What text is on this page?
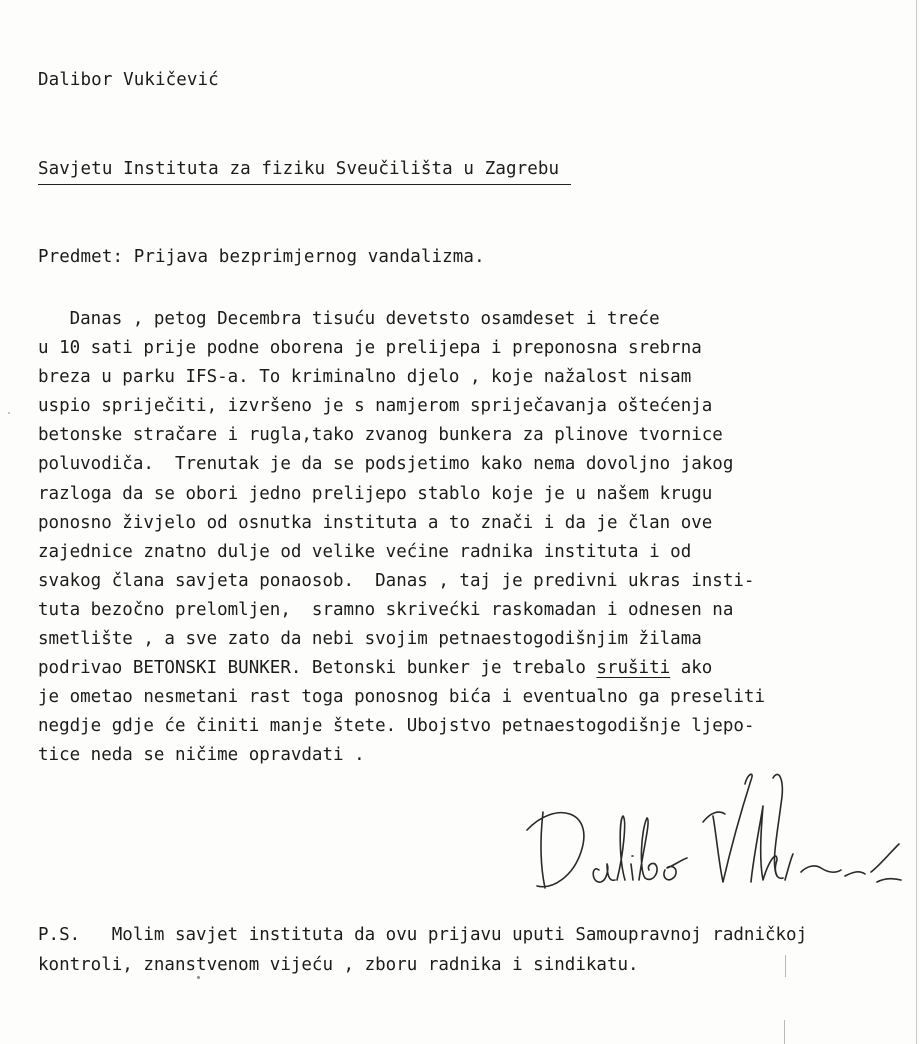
Dalibor Vukičević
Savjetu Instituta za fiziku Sveučilišta u Zagrebu
Predmet: Prijava bezprimjernog vandalizma.
Danas , petog Decembra tisuću devetsto osamdeset i treće
u 10 sati prije podne oborena je prelijepa i preponosna srebrna
breza u parku IFS-a. To kriminalno djelo , koje nažalost nisam
uspio spriječiti, izvršeno je s namjerom spriječavanja oštećenja
betonske stračare i rugla,tako zvanog bunkera za plinove tvornice
poluvodiča.  Trenutak je da se podsjetimo kako nema dovoljno jakog
razloga da se obori jedno prelijepo stablo koje je u našem krugu
ponosno živjelo od osnutka instituta a to znači i da je član ove
zajednice znatno dulje od velike većine radnika instituta i od
svakog člana savjeta ponaosob.  Danas , taj je predivni ukras insti-
tuta bezočno prelomljen,  sramno skrivećki raskomadan i odnesen na
smetlište , a sve zato da nebi svojim petnaestogodišnjim žilama
podrivao BETONSKI BUNKER. Betonski bunker je trebalo srušiti ako
je ometao nesmetani rast toga ponosnog bića i eventualno ga preseliti
negdje gdje će činiti manje štete. Ubojstvo petnaestogodišnje ljepo-
tice neda se ničime opravdati .
P.S.   Molim savjet instituta da ovu prijavu uputi Samoupravnoj radničkoj
kontroli, znanstvenom vijeću , zboru radnika i sindikatu.
